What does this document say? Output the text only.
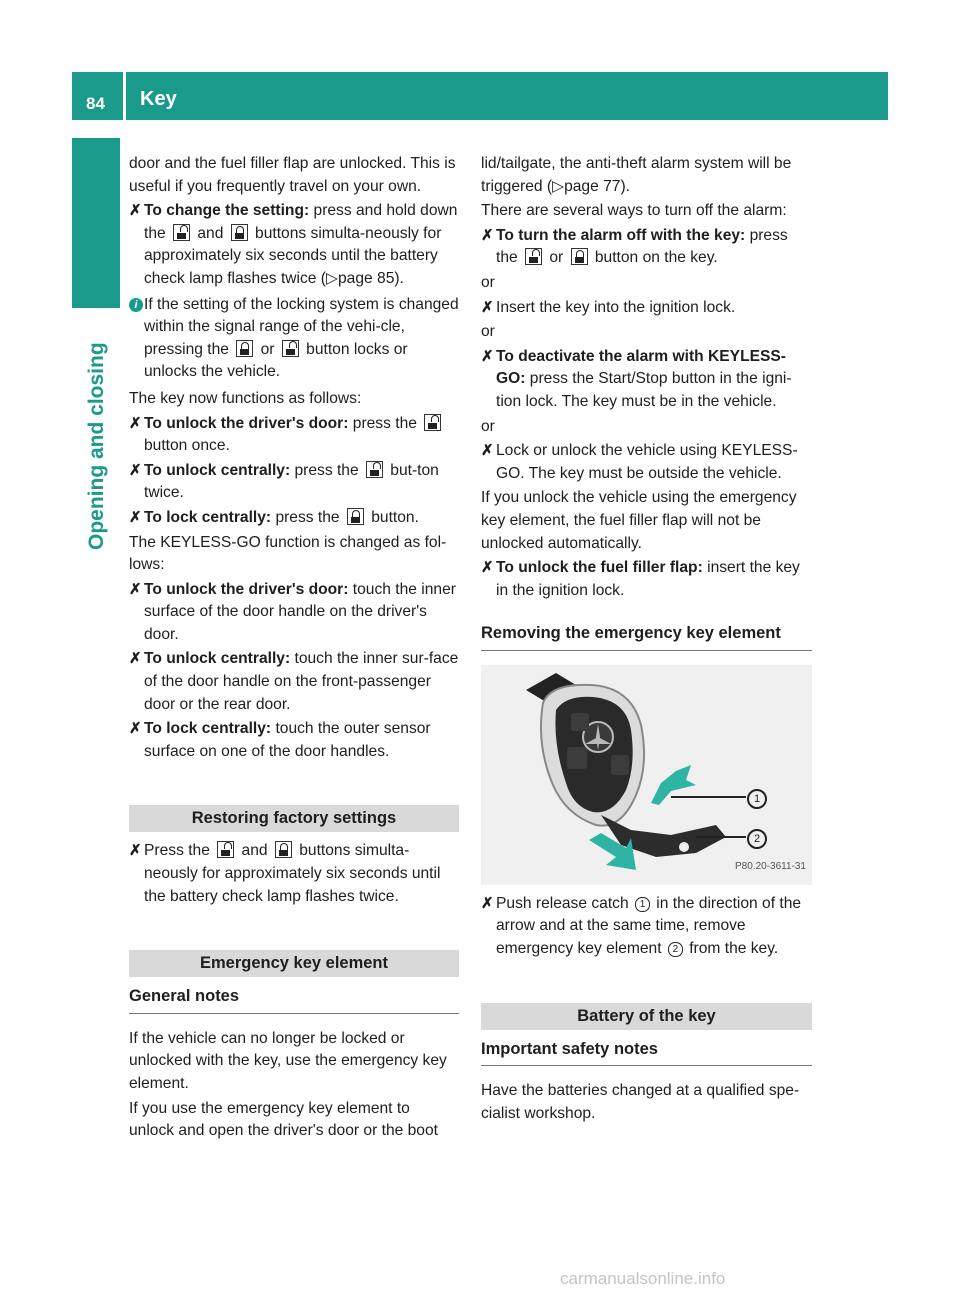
84 Key
Opening and closing

door and the fuel filler flap are unlocked. This is useful if you frequently travel on your own.

✗ To change the setting: press and hold down the
and
buttons simulta-neously for approximately six seconds until the battery check lamp flashes twice (▷page 85).
i If the setting of the locking system is changed within the signal range of the vehi-cle, pressing the
or
button locks or unlocks the vehicle.

The key now functions as follows:

✗ To unlock the driver's door: press the
button once.
✗ To unlock centrally: press the
but-ton twice.
✗ To lock centrally: press the
button.

The KEYLESS-GO function is changed as fol-lows:

✗ To unlock the driver's door: touch the inner surface of the door handle on the driver's door.
✗ To unlock centrally: touch the inner sur-face of the door handle on the front-passenger door or the rear door.
✗ To lock centrally: touch the outer sensor surface on one of the door handles.
Restoring factory settings
✗ Press the
and
buttons simulta-neously for approximately six seconds until the battery check lamp flashes twice.
Emergency key element
General notes

If the vehicle can no longer be locked or unlocked with the key, use the emergency key element.

If you use the emergency key element to unlock and open the driver's door or the boot

lid/tailgate, the anti-theft alarm system will be triggered (▷page 77).

There are several ways to turn off the alarm:

✗ To turn the alarm off with the key: press the
or
button on the key.

or

✗ Insert the key into the ignition lock.

or

✗ To deactivate the alarm with KEYLESS-GO: press the Start/Stop button in the igni-tion lock. The key must be in the vehicle.

or

✗ Lock or unlock the vehicle using KEYLESS-GO. The key must be outside the vehicle.

If you unlock the vehicle using the emergency key element, the fuel filler flap will not be unlocked automatically.

✗ To unlock the fuel filler flap: insert the key in the ignition lock.
Removing the emergency key element
1
2
P80.20-3611-31
✗ Push release catch 1 in the direction of the arrow and at the same time, remove emergency key element 2 from the key.
Battery of the key
Important safety notes

Have the batteries changed at a qualified spe-cialist workshop.

carmanualsonline.info
